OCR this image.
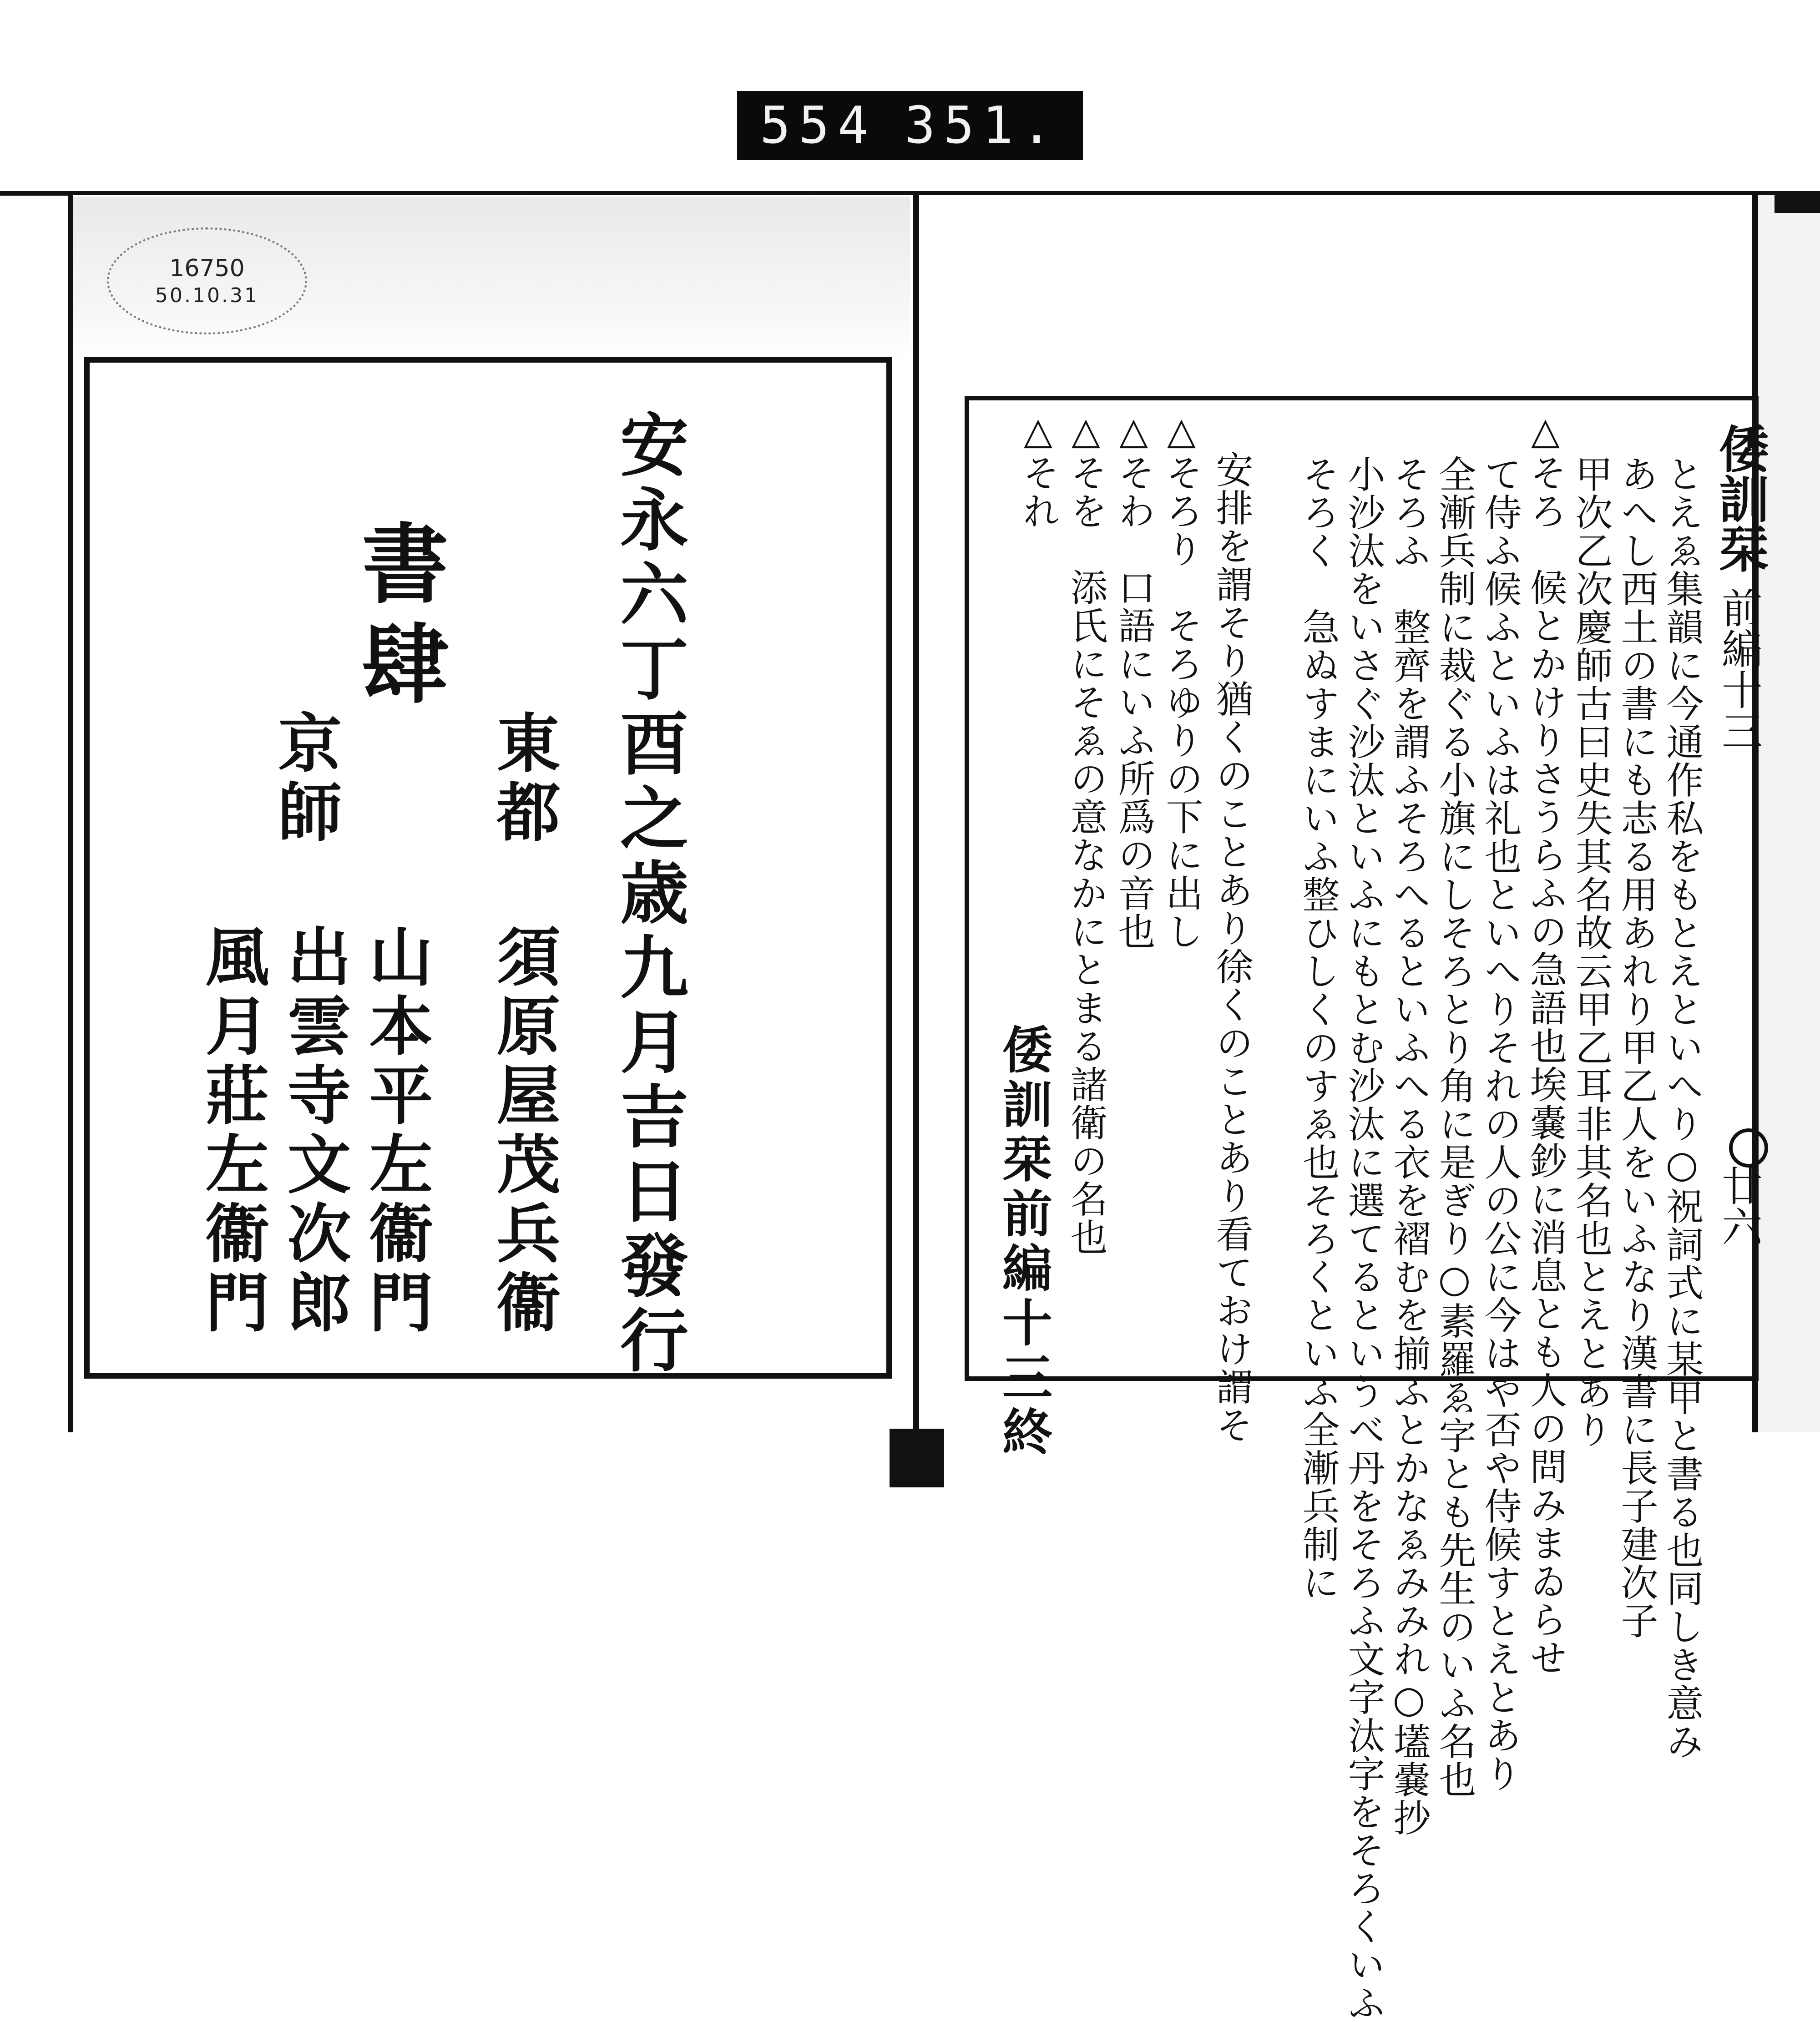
554 351.
16750
50.10.31
安永六丁酉之歳九月吉日發行
書肆
東都
須原屋茂兵衞
京師
山本平左衞門
出雲寺文次郎
風月莊左衞門
倭訓栞
前編十三
廿六
とえゑ集韻に今通作私をもとえといへり○祝詞式に某甲と書る也同しき意み
あへし西土の書にも志る用あれり甲乙人をいふなり漢書に長子建次子
甲次乙次慶師古曰史失其名故云甲乙耳非其名也とえとあり
△そろ　候とかけりさうらふの急語也埃嚢鈔に消息とも人の問みまゐらせ
て侍ふ候ふといふは礼也といへりそれの人の公に今はや否や侍候すとえとあり
全漸兵制に裁ぐる小旗にしそろとり角に是ぎり○素羅ゑ字とも先生のいふ名也
そろふ　整齊を謂ふそろへるといふへる衣を褶むを揃ふとかなゑみみれ○壒嚢抄
小沙汰をいさぐ沙汰といふにもとむ沙汰に選てるというべ丹をそろふ文字汰字をそろくいふ
そろく　急ぬすまにいふ整ひしくのすゑ也そろくといふ全漸兵制に
安排を謂そり猶くのことあり徐くのことあり看ておけ謂そ
△そろり　そろゆりの下に出し
△そわ　口語にいふ所爲の音也
△そを　添氏にそゑの意なかにとまる諸衛の名也
△それ
倭訓栞前編十三終
